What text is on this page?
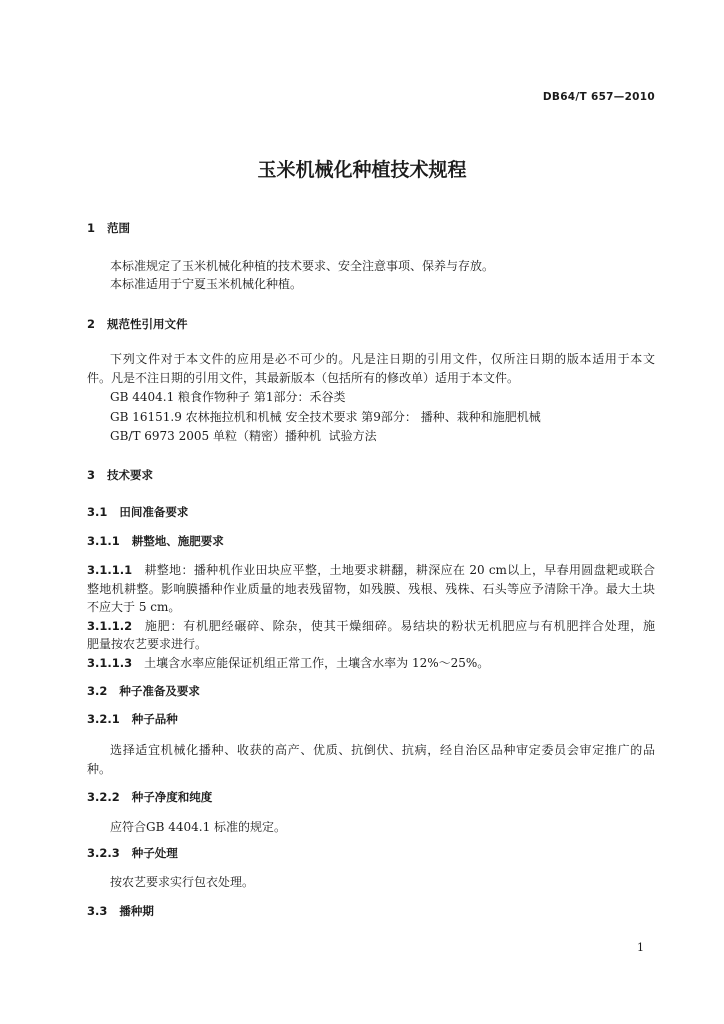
DB64/T 657—2010
玉米机械化种植技术规程
1 范围
本标准规定了玉米机械化种植的技术要求、安全注意事项、保养与存放。
本标准适用于宁夏玉米机械化种植。
2 规范性引用文件
下列文件对于本文件的应用是必不可少的。凡是注日期的引用文件，仅所注日期的版本适用于本文
件。凡是不注日期的引用文件，其最新版本（包括所有的修改单）适用于本文件。
GB 4404.1 粮食作物种子 第1部分：禾谷类
GB 16151.9 农林拖拉机和机械 安全技术要求 第9部分： 播种、栽种和施肥机械
GB/T 6973 2005 单粒（精密）播种机  试验方法
3 技术要求
3.1 田间准备要求
3.1.1 耕整地、施肥要求
3.1.1.1 耕整地：播种机作业田块应平整，土地要求耕翻，耕深应在 20 cm以上，早春用圆盘耙或联合
整地机耕整。影响膜播种作业质量的地表残留物，如残膜、残根、残株、石头等应予清除干净。最大土块
不应大于 5 cm。
3.1.1.2 施肥：有机肥经碾碎、除杂，使其干燥细碎。易结块的粉状无机肥应与有机肥拌合处理，施
肥量按农艺要求进行。
3.1.1.3 土壤含水率应能保证机组正常工作，土壤含水率为 12%～25%。
3.2 种子准备及要求
3.2.1 种子品种
选择适宜机械化播种、收获的高产、优质、抗倒伏、抗病，经自治区品种审定委员会审定推广的品
种。
3.2.2 种子净度和纯度
应符合GB 4404.1 标准的规定。
3.2.3 种子处理
按农艺要求实行包衣处理。
3.3 播种期
1
